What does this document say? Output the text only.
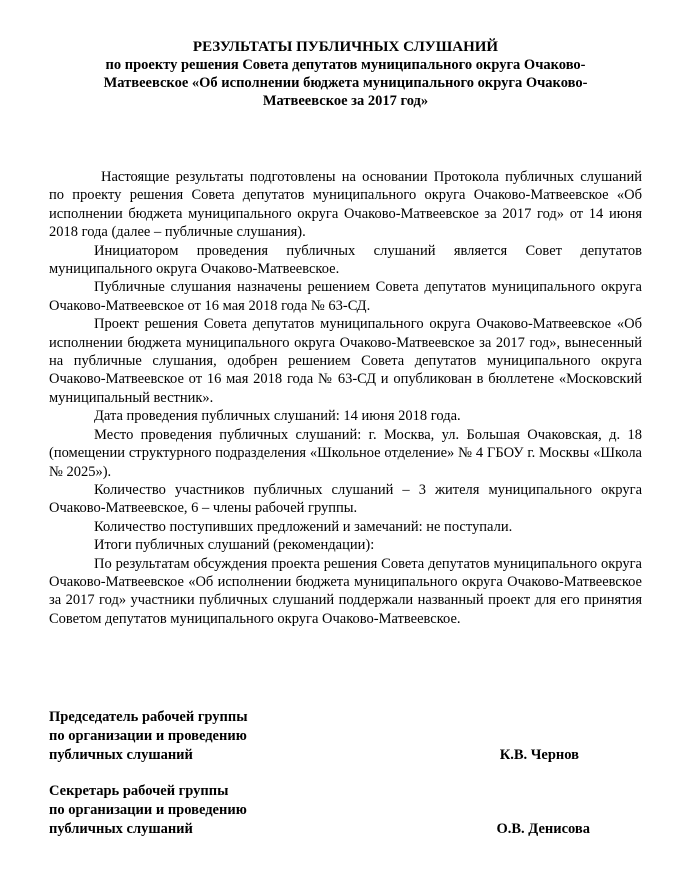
РЕЗУЛЬТАТЫ ПУБЛИЧНЫХ СЛУШАНИЙ
по проекту решения Совета депутатов муниципального округа Очаково-
Матвеевское «Об исполнении бюджета муниципального округа Очаково-
Матвеевское за 2017 год»

Настоящие результаты подготовлены на основании Протокола публичных слушаний по проекту решения Совета депутатов муниципального округа Очаково-Матвеевское «Об исполнении бюджета муниципального округа Очаково-Матвеевское за 2017 год» от 14 июня 2018 года (далее – публичные слушания).

Инициатором проведения публичных слушаний является Совет депутатов муниципального округа Очаково-Матвеевское.

Публичные слушания назначены решением Совета депутатов муниципального округа Очаково-Матвеевское от 16 мая 2018 года № 63-СД.

Проект решения Совета депутатов муниципального округа Очаково-Матвеевское «Об исполнении бюджета муниципального округа Очаково-Матвеевское за 2017 год», вынесенный на публичные слушания, одобрен решением Совета депутатов муниципального округа Очаково-Матвеевское от 16 мая 2018 года № 63-СД и опубликован в бюллетене «Московский муниципальный вестник».

Дата проведения публичных слушаний: 14 июня 2018 года.

Место проведения публичных слушаний: г. Москва, ул. Большая Очаковская, д. 18 (помещении структурного подразделения «Школьное отделение» № 4 ГБОУ г. Москвы «Школа № 2025»).

Количество участников публичных слушаний – 3 жителя муниципального округа Очаково-Матвеевское, 6 – члены рабочей группы.

Количество поступивших предложений и замечаний: не поступали.

Итоги публичных слушаний (рекомендации):

По результатам обсуждения проекта решения Совета депутатов муниципального округа Очаково-Матвеевское «Об исполнении бюджета муниципального округа Очаково-Матвеевское за 2017 год» участники публичных слушаний поддержали названный проект для его принятия Советом депутатов муниципального округа Очаково-Матвеевское.

Председатель рабочей группы
по организации и проведению
публичных слушаний	К.В. Чернов
Секретарь рабочей группы
по организации и проведению
публичных слушаний	О.В. Денисова
